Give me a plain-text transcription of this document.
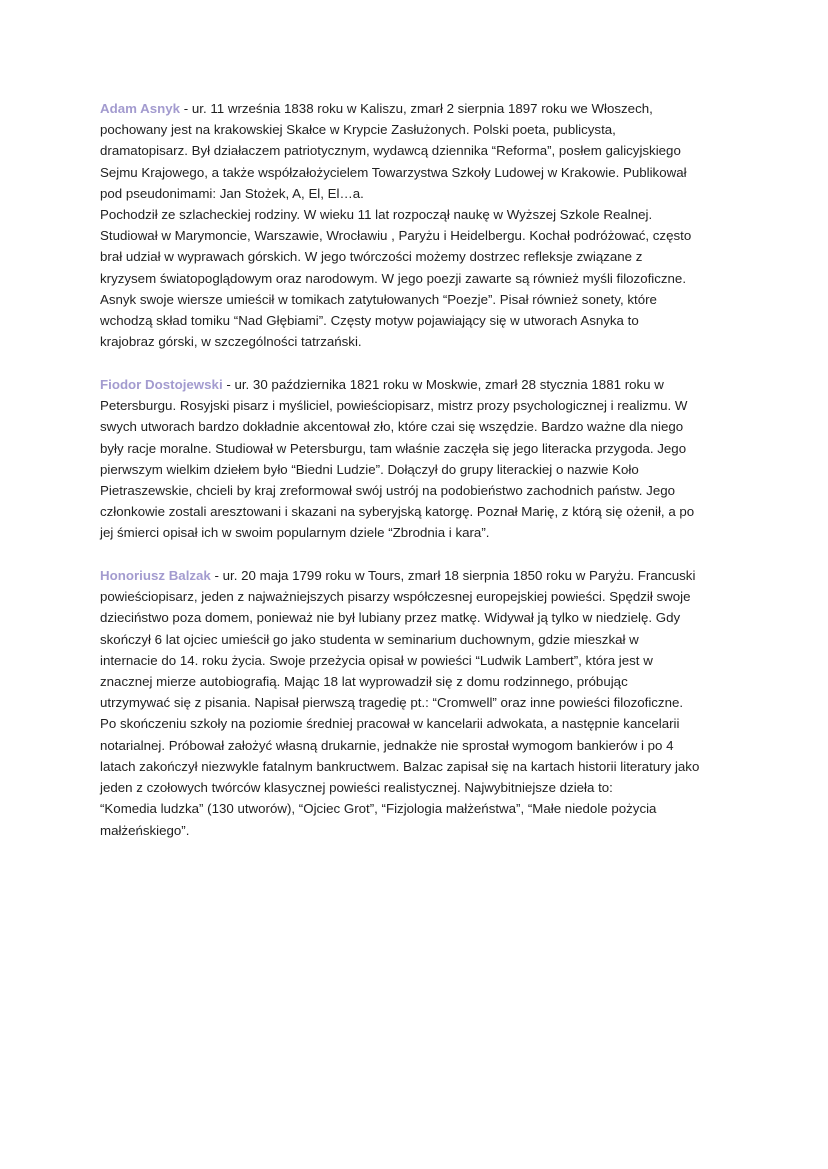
Adam Asnyk - ur. 11 września 1838 roku w Kaliszu, zmarł 2 sierpnia 1897 roku we Włoszech,
pochowany jest na krakowskiej Skałce w Krypcie Zasłużonych. Polski poeta, publicysta,
dramatopisarz. Był działaczem patriotycznym, wydawcą dziennika “Reforma”, posłem galicyjskiego
Sejmu Krajowego, a także współzałożycielem Towarzystwa Szkoły Ludowej w Krakowie. Publikował
pod pseudonimami: Jan Stożek, A, El, El…a.

Pochodził ze szlacheckiej rodziny. W wieku 11 lat rozpoczął naukę w Wyższej Szkole Realnej.
Studiował w Marymoncie, Warszawie, Wrocławiu , Paryżu i Heidelbergu. Kochał podróżować, często
brał udział w wyprawach górskich. W jego twórczości możemy dostrzec refleksje związane z
kryzysem światopoglądowym oraz narodowym. W jego poezji zawarte są również myśli filozoficzne.
Asnyk swoje wiersze umieścił w tomikach zatytułowanych “Poezje”. Pisał również sonety, które
wchodzą skład tomiku “Nad Głębiami”. Częsty motyw pojawiający się w utworach Asnyka to
krajobraz górski, w szczególności tatrzański.

Fiodor Dostojewski - ur. 30 października 1821 roku w Moskwie, zmarł 28 stycznia 1881 roku w
Petersburgu. Rosyjski pisarz i myśliciel, powieściopisarz, mistrz prozy psychologicznej i realizmu. W
swych utworach bardzo dokładnie akcentował zło, które czai się wszędzie. Bardzo ważne dla niego
były racje moralne. Studiował w Petersburgu, tam właśnie zaczęła się jego literacka przygoda. Jego
pierwszym wielkim dziełem było “Biedni Ludzie”. Dołączył do grupy literackiej o nazwie Koło
Pietraszewskie, chcieli by kraj zreformował swój ustrój na podobieństwo zachodnich państw. Jego
członkowie zostali aresztowani i skazani na syberyjską katorgę. Poznał Marię, z którą się ożenił, a po
jej śmierci opisał ich w swoim popularnym dziele “Zbrodnia i kara”.

Honoriusz Balzak - ur. 20 maja 1799 roku w Tours, zmarł 18 sierpnia 1850 roku w Paryżu. Francuski
powieściopisarz, jeden z najważniejszych pisarzy współczesnej europejskiej powieści. Spędził swoje
dzieciństwo poza domem, ponieważ nie był lubiany przez matkę. Widywał ją tylko w niedzielę. Gdy
skończył 6 lat ojciec umieścił go jako studenta w seminarium duchownym, gdzie mieszkał w
internacie do 14. roku życia. Swoje przeżycia opisał w powieści “Ludwik Lambert”, która jest w
znacznej mierze autobiografią. Mając 18 lat wyprowadził się z domu rodzinnego, próbując
utrzymywać się z pisania. Napisał pierwszą tragedię pt.: “Cromwell” oraz inne powieści filozoficzne.
Po skończeniu szkoły na poziomie średniej pracował w kancelarii adwokata, a następnie kancelarii
notarialnej. Próbował założyć własną drukarnie, jednakże nie sprostał wymogom bankierów i po 4
latach zakończył niezwykle fatalnym bankructwem. Balzac zapisał się na kartach historii literatury jako
jeden z czołowych twórców klasycznej powieści realistycznej. Najwybitniejsze dzieła to:
“Komedia ludzka” (130 utworów), “Ojciec Grot”, “Fizjologia małżeństwa”, “Małe niedole pożycia
małżeńskiego”.
